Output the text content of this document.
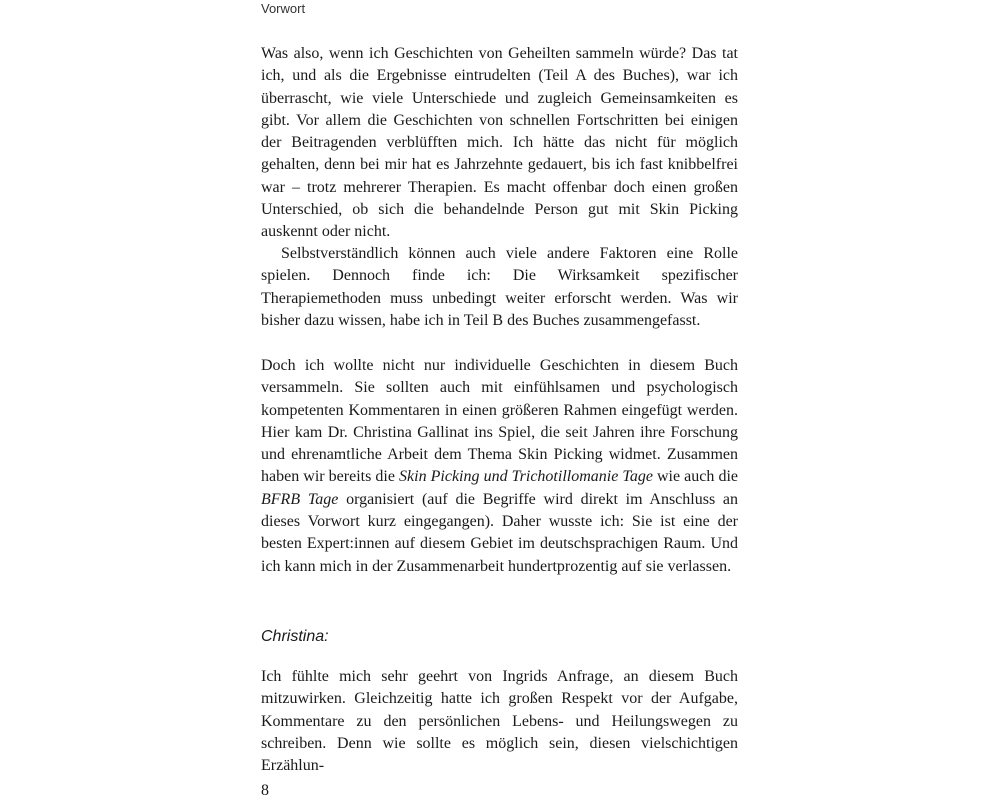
Vorwort

Was also, wenn ich Geschichten von Geheilten sammeln würde? Das tat ich, und als die Ergebnisse eintrudelten (Teil A des Buches), war ich überrascht, wie viele Unterschiede und zugleich Gemeinsamkeiten es gibt. Vor allem die Geschichten von schnellen Fortschritten bei einigen der Beitragenden verblüfften mich. Ich hätte das nicht für möglich gehalten, denn bei mir hat es Jahrzehnte gedauert, bis ich fast knibbelfrei war – trotz mehrerer Therapien. Es macht offenbar doch einen großen Unterschied, ob sich die behandelnde Person gut mit Skin Picking auskennt oder nicht.

Selbstverständlich können auch viele andere Faktoren eine Rolle spielen. Dennoch finde ich: Die Wirksamkeit spezifischer Therapiemethoden muss unbedingt weiter erforscht werden. Was wir bisher dazu wissen, habe ich in Teil B des Buches zusammengefasst.

Doch ich wollte nicht nur individuelle Geschichten in diesem Buch versammeln. Sie sollten auch mit einfühlsamen und psychologisch kompetenten Kommentaren in einen größeren Rahmen eingefügt werden. Hier kam Dr. Christina Gallinat ins Spiel, die seit Jahren ihre Forschung und ehrenamtliche Arbeit dem Thema Skin Picking widmet. Zusammen haben wir bereits die Skin Picking und Trichotillomanie Tage wie auch die BFRB Tage organisiert (auf die Begriffe wird direkt im Anschluss an dieses Vorwort kurz eingegangen). Daher wusste ich: Sie ist eine der besten Expert:innen auf diesem Gebiet im deutschsprachigen Raum. Und ich kann mich in der Zusammenarbeit hundertprozentig auf sie verlassen.

Christina:

Ich fühlte mich sehr geehrt von Ingrids Anfrage, an diesem Buch mitzuwirken. Gleichzeitig hatte ich großen Respekt vor der Aufgabe, Kommentare zu den persönlichen Lebens- und Heilungswegen zu schreiben. Denn wie sollte es möglich sein, diesen vielschichtigen Erzählun-

8
